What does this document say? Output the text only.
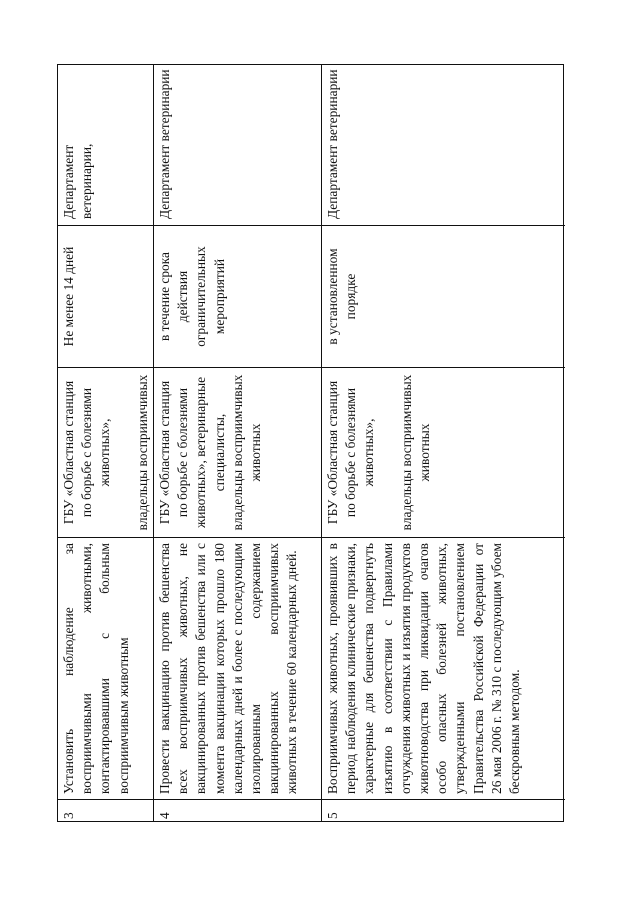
3
Установить наблюдение за восприимчивыми животными, контактировавшими с больным восприимчивым животным
ГБУ «Областная станция по борьбе с болезнями животных»,
владельцы восприимчивых
Не менее 14 дней
Департамент ветеринарии,
4
Провести вакцинацию против бешенства всех восприимчивых животных, не вакцинированных против бешенства или с момента вакцинации которых прошло 180 календарных дней и более с последующим изолированным содержанием вакцинированных восприимчивых животных в течение 60 календарных дней.
ГБУ «Областная станция по борьбе с болезнями животных», ветеринарные специалисты, владельцы восприимчивых животных
в течение срока действия ограничительных мероприятий
Департамент ветеринарии
5
Восприимчивых животных, проявивших в период наблюдения клинические признаки, характерные для бешенства подвергнуть изъятию в соответствии с Правилами отчуждения животных и изъятия продуктов животноводства при ликвидации очагов особо опасных болезней животных, утвержденными постановлением Правительства Российской Федерации от 26 мая 2006 г. № 310 с последующим убоем бескровным методом.
ГБУ «Областная станция по борьбе с болезнями животных», владельцы восприимчивых животных
в установленном порядке
Департамент ветеринарии
